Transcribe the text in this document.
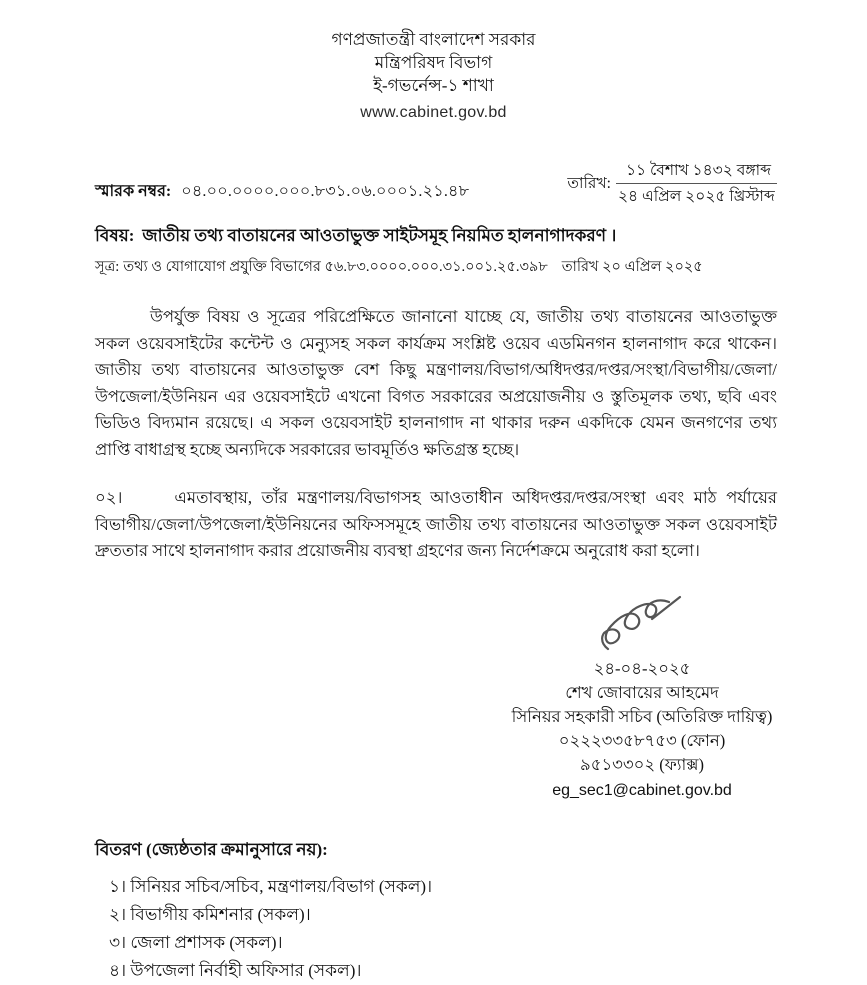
গণপ্রজাতন্ত্রী বাংলাদেশ সরকার
মন্ত্রিপরিষদ বিভাগ
ই-গভর্নেন্স-১ শাখা
www.cabinet.gov.bd
স্মারক নম্বর: ০৪.০০.০০০০.০০০.৮৩১.০৬.০০০১.২১.৪৮	তারিখ:
১১ বৈশাখ ১৪৩২ বঙ্গাব্দ
২৪ এপ্রিল ২০২৫ খ্রিস্টাব্দ
বিষয়: জাতীয় তথ্য বাতায়নের আওতাভুক্ত সাইটসমূহ নিয়মিত হালনাগাদকরণ ।
সূত্র: তথ্য ও যোগাযোগ প্রযুক্তি বিভাগের ৫৬.৮৩.০০০০.০০০.৩১.০০১.২৫.৩৯৮ তারিখ ২০ এপ্রিল ২০২৫

উপর্যুক্ত বিষয় ও সূত্রের পরিপ্রেক্ষিতে জানানো যাচ্ছে যে, জাতীয় তথ্য বাতায়নের আওতাভুক্ত সকল ওয়েবসাইটের কন্টেন্ট ও মেন্যুসহ সকল কার্যক্রম সংশ্লিষ্ট ওয়েব এডমিনগন হালনাগাদ করে থাকেন। জাতীয় তথ্য বাতায়নের আওতাভুক্ত বেশ কিছু মন্ত্রণালয়/বিভাগ/অধিদপ্তর/দপ্তর/সংস্থা/বিভাগীয়/জেলা/উপজেলা/ইউনিয়ন এর ওয়েবসাইটে এখনো বিগত সরকারের অপ্রয়োজনীয় ও স্তুতিমূলক তথ্য, ছবি এবং ভিডিও বিদ্যমান রয়েছে। এ সকল ওয়েবসাইট হালনাগাদ না থাকার দরুন একদিকে যেমন জনগণের তথ্য প্রাপ্তি বাধাগ্রস্থ হচ্ছে অন্যদিকে সরকারের ভাবমূর্তিও ক্ষতিগ্রস্ত হচ্ছে।

০২।	এমতাবস্থায়, তাঁর মন্ত্রণালয়/বিভাগসহ আওতাধীন অধিদপ্তর/দপ্তর/সংস্থা এবং মাঠ পর্যায়ের বিভাগীয়/জেলা/উপজেলা/ইউনিয়নের অফিসসমূহে জাতীয় তথ্য বাতায়নের আওতাভুক্ত সকল ওয়েবসাইট দ্রুততার সাথে হালনাগাদ করার প্রয়োজনীয় ব্যবস্থা গ্রহণের জন্য নির্দেশক্রমে অনুরোধ করা হলো।

২৪-০৪-২০২৫
শেখ জোবায়ের আহমেদ
সিনিয়র সহকারী সচিব (অতিরিক্ত দায়িত্ব)
০২২২৩৩৫৮৭৫৩ (ফোন)
৯৫১৩৩০২ (ফ্যাক্স)
eg_sec1@cabinet.gov.bd
বিতরণ (জ্যেষ্ঠতার ক্রমানুসারে নয়):
১। সিনিয়র সচিব/সচিব, মন্ত্রণালয়/বিভাগ (সকল)।
২। বিভাগীয় কমিশনার (সকল)।
৩। জেলা প্রশাসক (সকল)।
৪। উপজেলা নির্বাহী অফিসার (সকল)।
